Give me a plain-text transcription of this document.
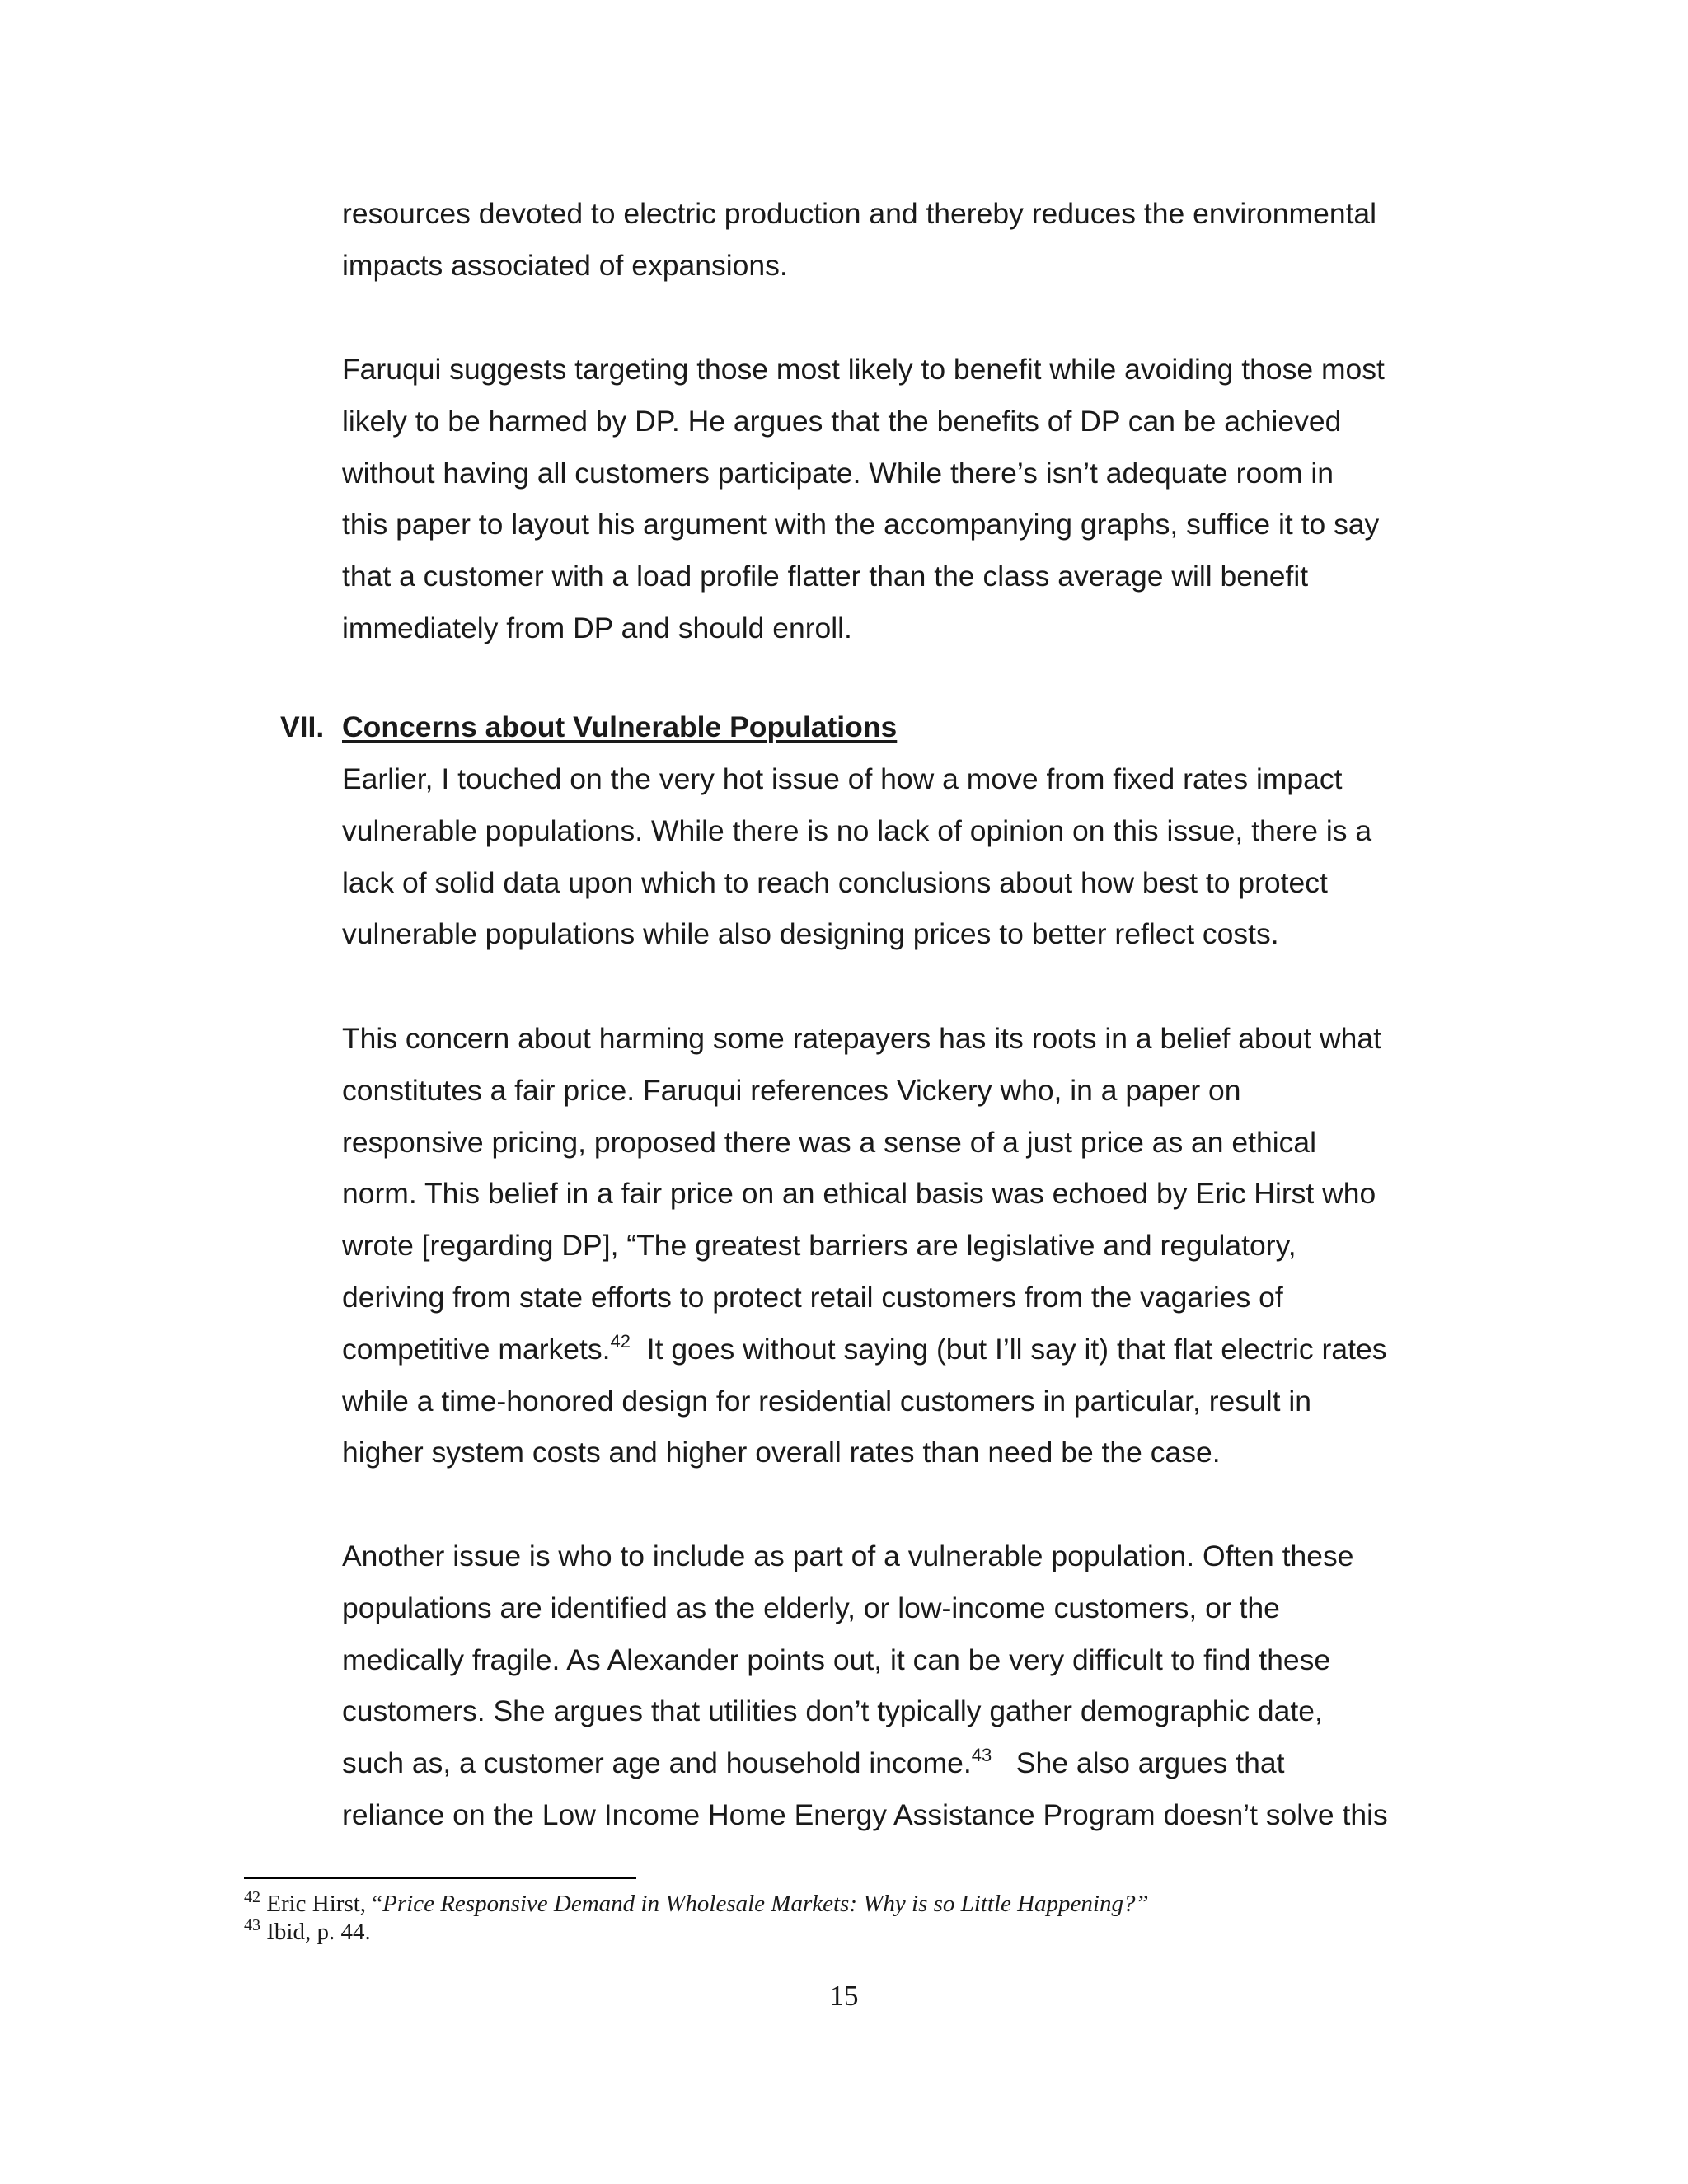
resources devoted to electric production and thereby reduces the environmental
impacts associated of expansions.
Faruqui suggests targeting those most likely to benefit while avoiding those most
likely to be harmed by DP. He argues that the benefits of DP can be achieved
without having all customers participate. While there’s isn’t adequate room in
this paper to layout his argument with the accompanying graphs, suffice it to say
that a customer with a load profile flatter than the class average will benefit
immediately from DP and should enroll.
VII. Concerns about Vulnerable Populations
Earlier, I touched on the very hot issue of how a move from fixed rates impact
vulnerable populations. While there is no lack of opinion on this issue, there is a
lack of solid data upon which to reach conclusions about how best to protect
vulnerable populations while also designing prices to better reflect costs.
This concern about harming some ratepayers has its roots in a belief about what
constitutes a fair price. Faruqui references Vickery who, in a paper on
responsive pricing, proposed there was a sense of a just price as an ethical
norm. This belief in a fair price on an ethical basis was echoed by Eric Hirst who
wrote [regarding DP], “The greatest barriers are legislative and regulatory,
deriving from state efforts to protect retail customers from the vagaries of
competitive markets.$^{42}$  It goes without saying (but I’ll say it) that flat electric rates
while a time-honored design for residential customers in particular, result in
higher system costs and higher overall rates than need be the case.
Another issue is who to include as part of a vulnerable population. Often these
populations are identified as the elderly, or low-income customers, or the
medically fragile. As Alexander points out, it can be very difficult to find these
customers. She argues that utilities don’t typically gather demographic date,
such as, a customer age and household income.$^{43}$   She also argues that
reliance on the Low Income Home Energy Assistance Program doesn’t solve this
$^{42}$ Eric Hirst, “Price Responsive Demand in Wholesale Markets: Why is so Little Happening?”
$^{43}$ Ibid, p. 44.
15
